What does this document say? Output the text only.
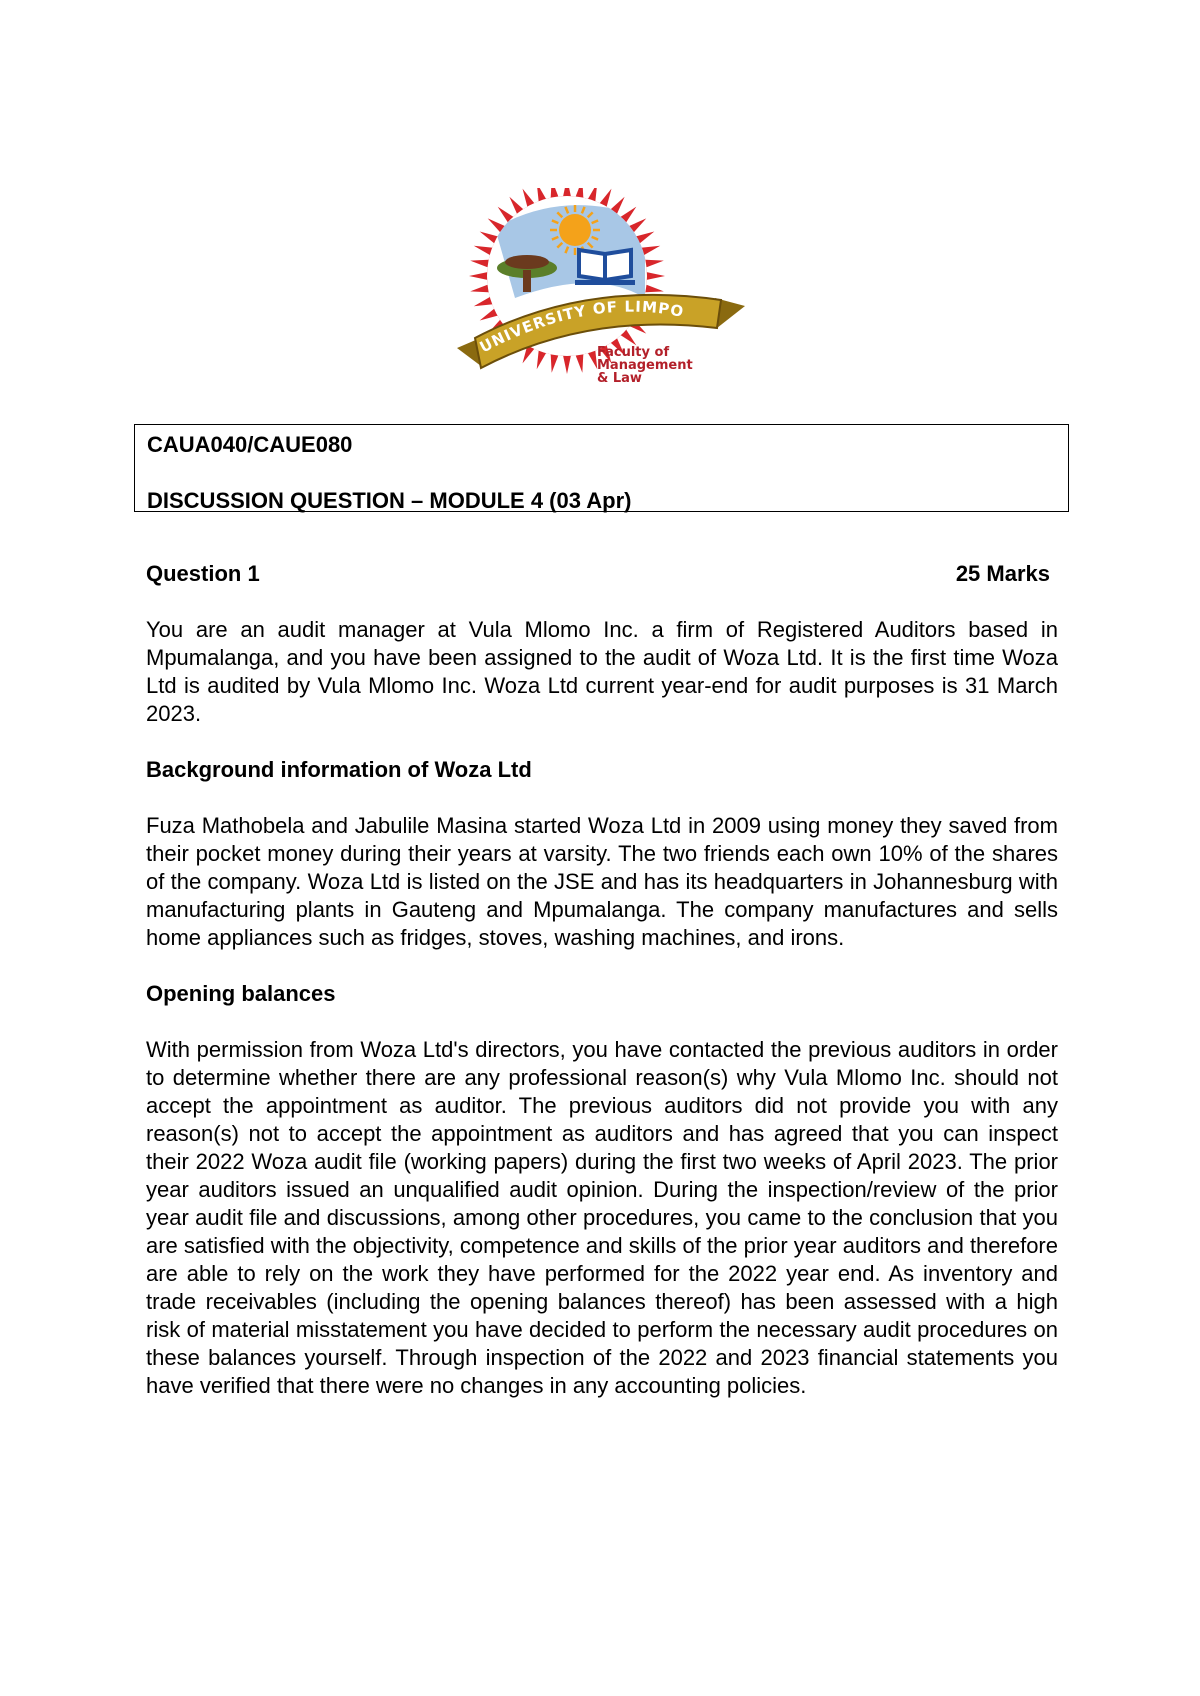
UNIVERSITY OF LIMPO
Faculty of
Management
& Law
CAUA040/CAUE080
DISCUSSION QUESTION – MODULE 4 (03 Apr)
Question 1	25 Marks

You are an audit manager at Vula Mlomo Inc. a firm of Registered Auditors based in Mpumalanga, and you have been assigned to the audit of Woza Ltd. It is the first time Woza Ltd is audited by Vula Mlomo Inc. Woza Ltd current year-end for audit purposes is 31 March 2023.

Background information of Woza Ltd

Fuza Mathobela and Jabulile Masina started Woza Ltd in 2009 using money they saved from their pocket money during their years at varsity. The two friends each own 10% of the shares of the company. Woza Ltd is listed on the JSE and has its headquarters in Johannesburg with manufacturing plants in Gauteng and Mpumalanga. The company manufactures and sells home appliances such as fridges, stoves, washing machines, and irons.

Opening balances

With permission from Woza Ltd's directors, you have contacted the previous auditors in order to determine whether there are any professional reason(s) why Vula Mlomo Inc. should not accept the appointment as auditor. The previous auditors did not provide you with any reason(s) not to accept the appointment as auditors and has agreed that you can inspect their 2022 Woza audit file (working papers) during the first two weeks of April 2023. The prior year auditors issued an unqualified audit opinion. During the inspection/review of the prior year audit file and discussions, among other procedures, you came to the conclusion that you are satisfied with the objectivity, competence and skills of the prior year auditors and therefore are able to rely on the work they have performed for the 2022 year end. As inventory and trade receivables (including the opening balances thereof) has been assessed with a high risk of material misstatement you have decided to perform the necessary audit procedures on these balances yourself. Through inspection of the 2022 and 2023 financial statements you have verified that there were no changes in any accounting policies.
